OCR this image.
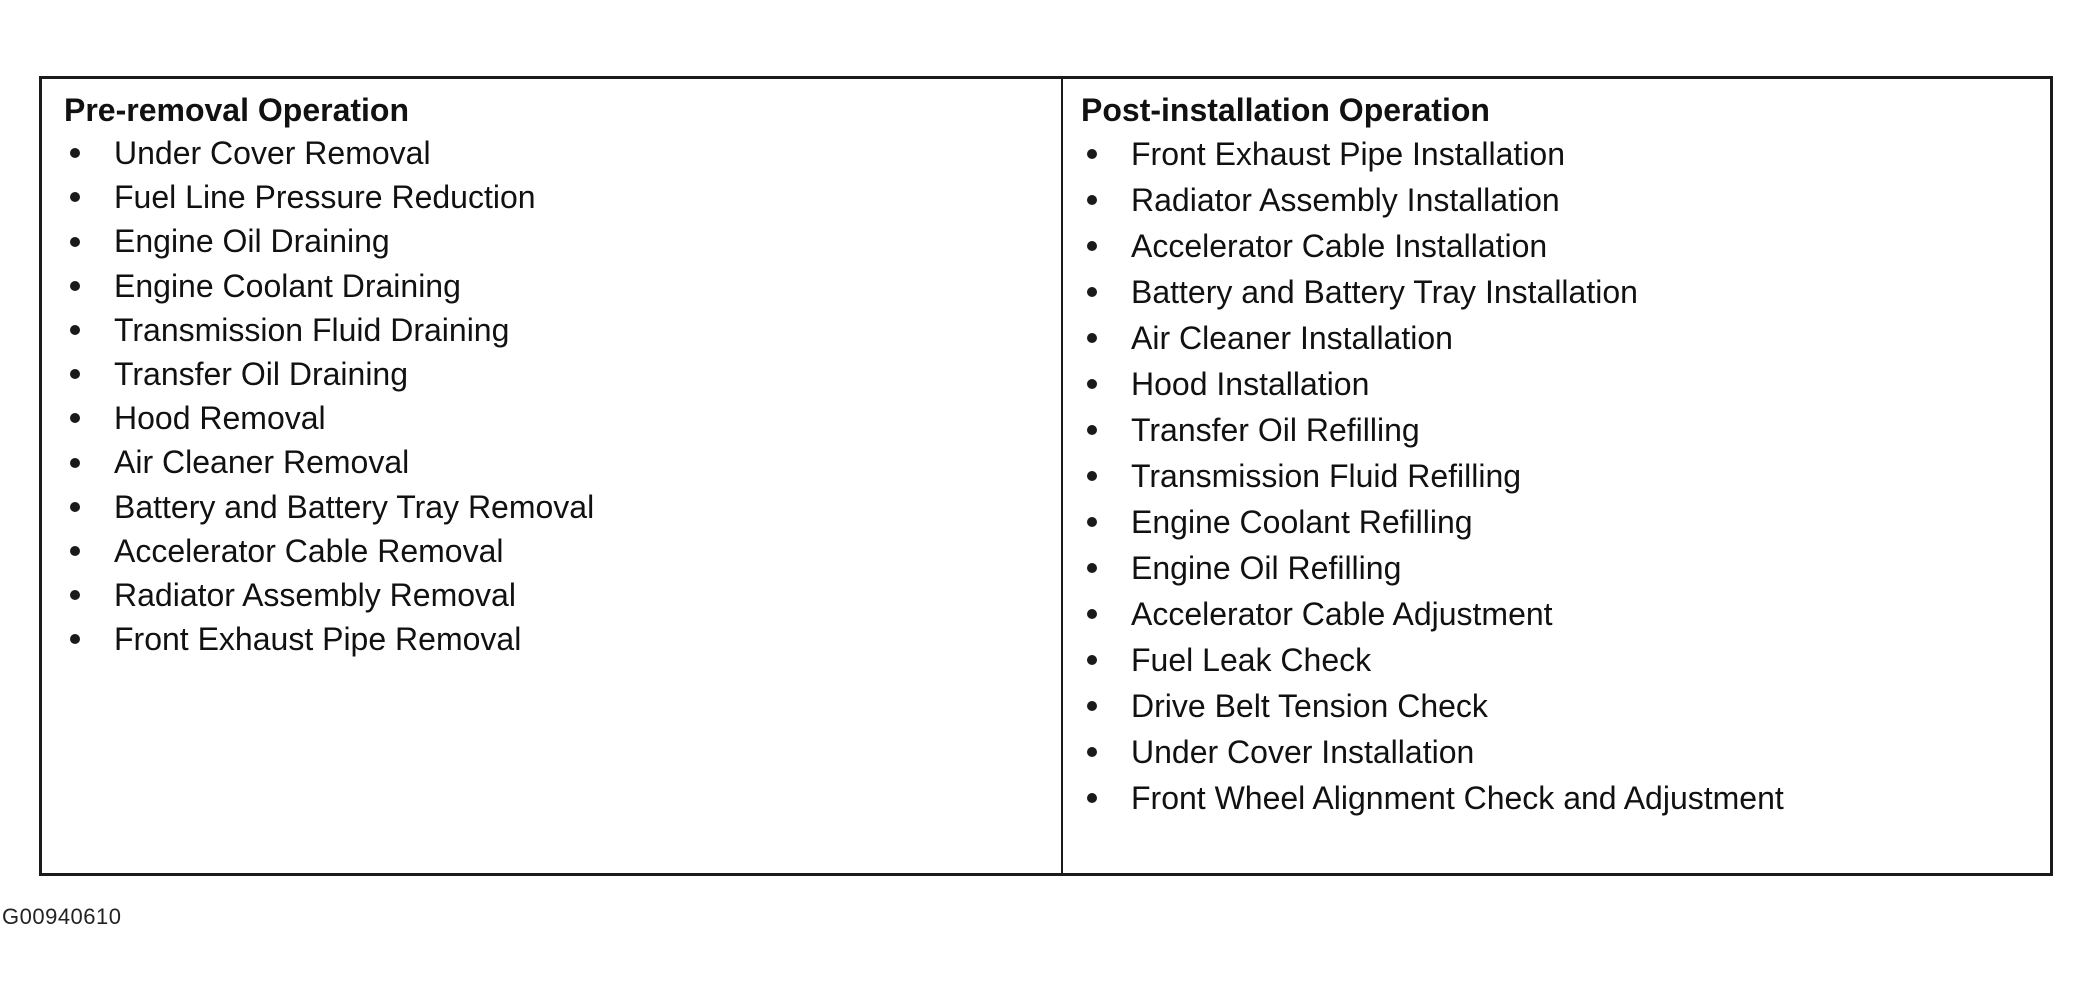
Pre-removal Operation
Under Cover Removal
Fuel Line Pressure Reduction
Engine Oil Draining
Engine Coolant Draining
Transmission Fluid Draining
Transfer Oil Draining
Hood Removal
Air Cleaner Removal
Battery and Battery Tray Removal
Accelerator Cable Removal
Radiator Assembly Removal
Front Exhaust Pipe Removal
Post-installation Operation
Front Exhaust Pipe Installation
Radiator Assembly Installation
Accelerator Cable Installation
Battery and Battery Tray Installation
Air Cleaner Installation
Hood Installation
Transfer Oil Refilling
Transmission Fluid Refilling
Engine Coolant Refilling
Engine Oil Refilling
Accelerator Cable Adjustment
Fuel Leak Check
Drive Belt Tension Check
Under Cover Installation
Front Wheel Alignment Check and Adjustment
G00940610
